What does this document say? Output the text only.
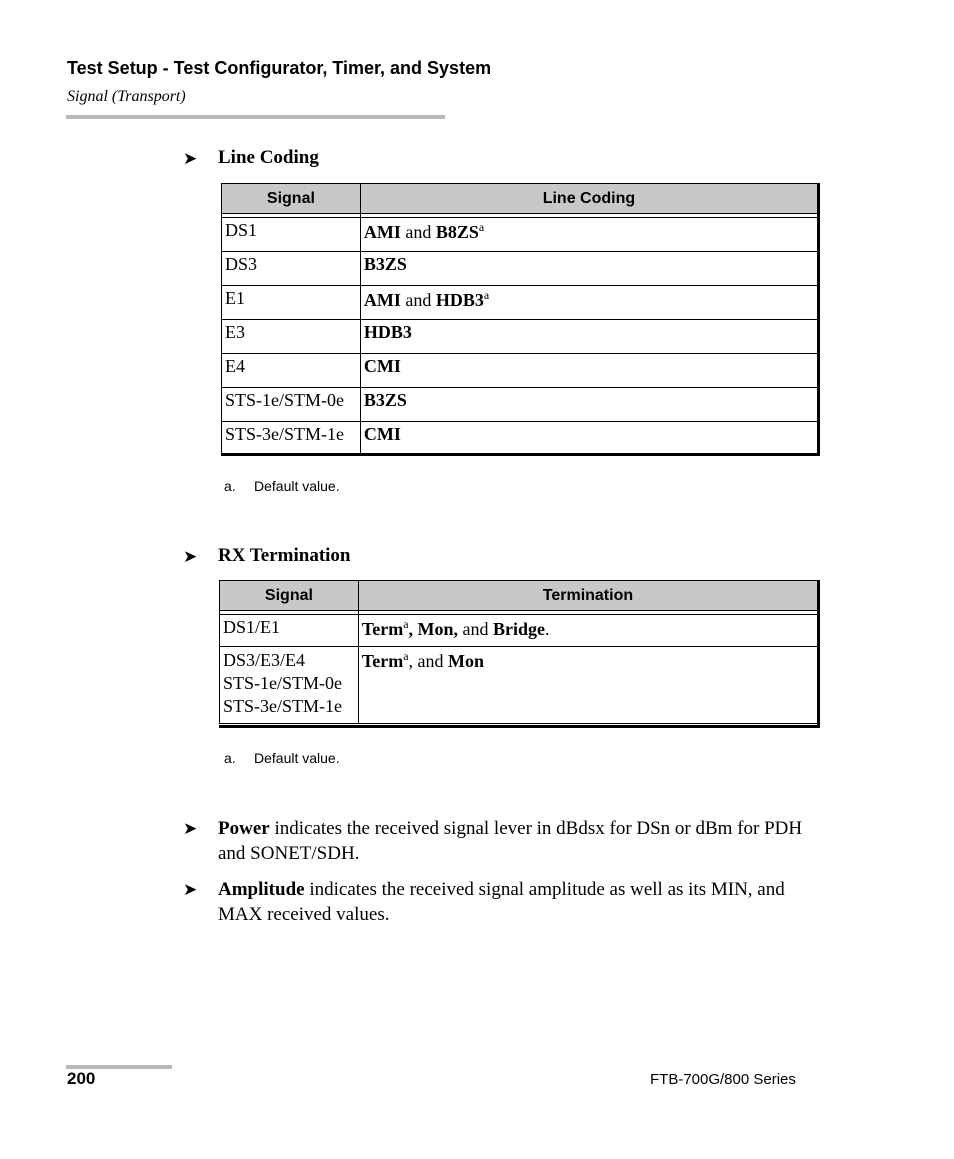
Test Setup - Test Configurator, Timer, and System
Signal (Transport)
➤ Line Coding
Signal	Line Coding

DS1	AMI and $B8ZS^a$
DS3	B3ZS
E1	AMI and HDB3$^a$
E3	HDB3
E4	CMI
STS-1e/STM-0e	B3ZS
STS-3e/STM-1e	CMI
a. Default value.
➤ RX Termination
Signal	Termination

DS1/E1	Term$^a$, Mon, and Bridge.

DS3/E3/E4
STS-1e/STM-0e
STS-3e/STM-1e	Term$^a$, and Mon
a. Default value.
➤ Power indicates the received signal lever in dBdsx for DSn or dBm for PDH and SONET/SDH.
➤ Amplitude indicates the received signal amplitude as well as its MIN, and MAX received values.
200	FTB-700G/800 Series
